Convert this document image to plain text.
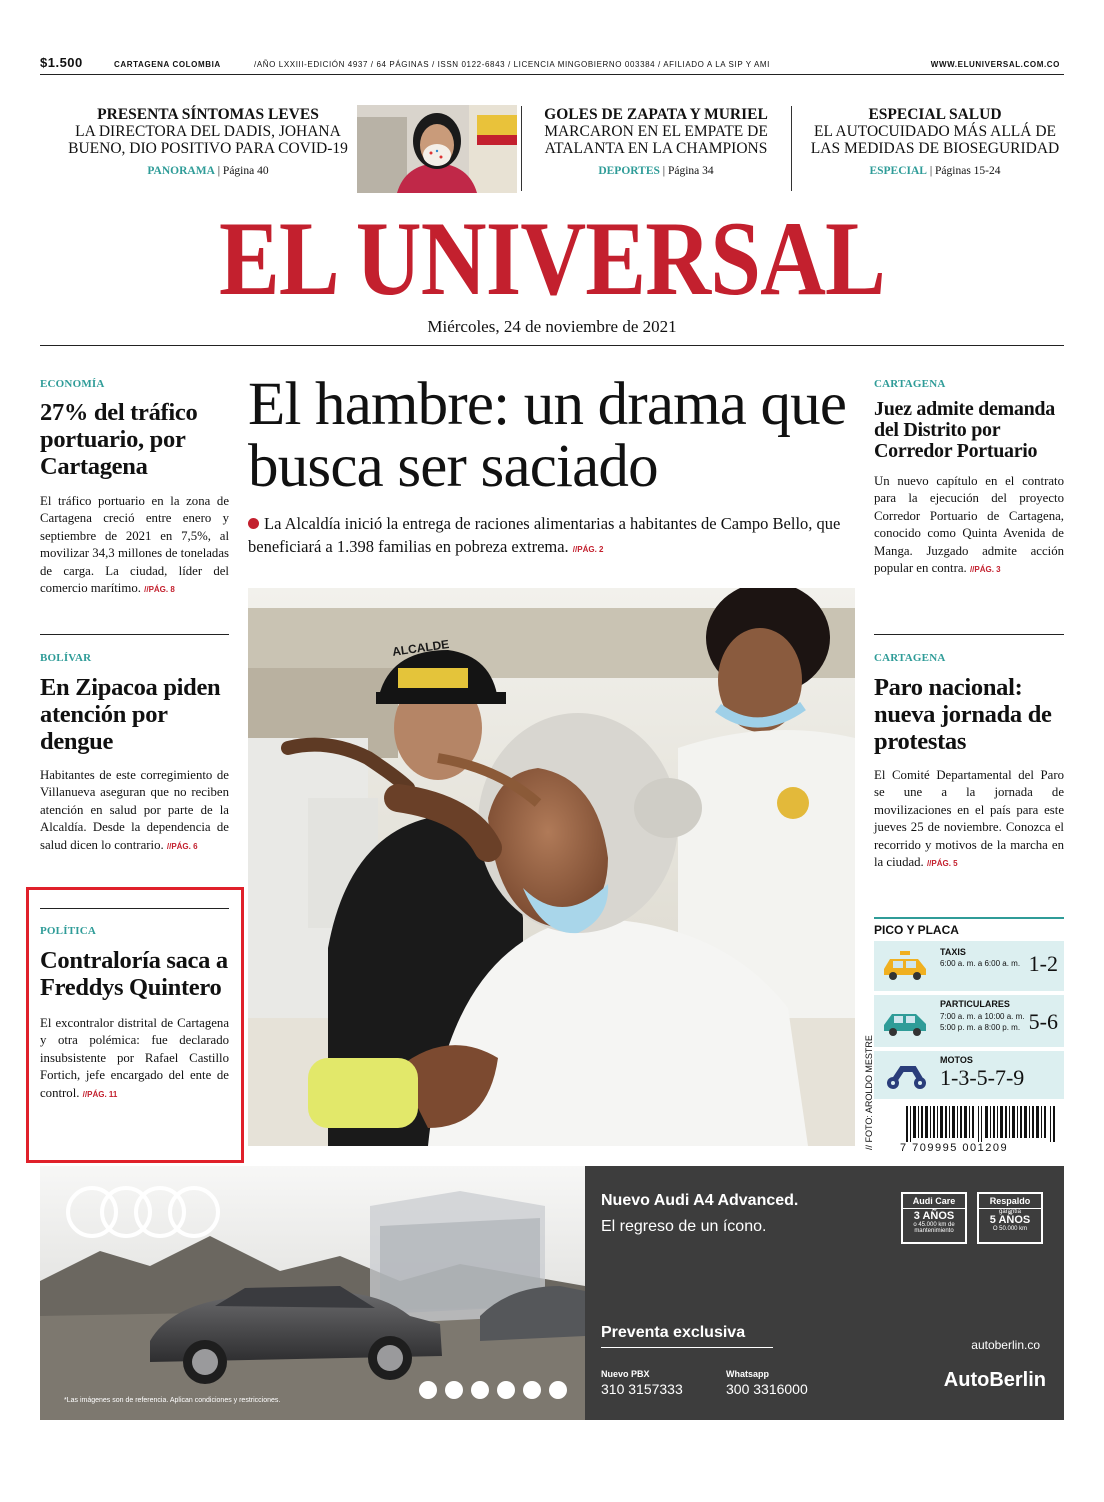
$1.500	CARTAGENA COLOMBIA	/AÑO LXXIII-EDICIÓN 4937 / 64 PÁGINAS / ISSN 0122-6843 / LICENCIA MINGOBIERNO 003384 / AFILIADO A LA SIP Y AMI	WWW.ELUNIVERSAL.COM.CO
PRESENTA SÍNTOMAS LEVES
LA DIRECTORA DEL DADIS, JOHANA BUENO, DIO POSITIVO PARA COVID-19
PANORAMA | Página 40
GOLES DE ZAPATA Y MURIEL
MARCARON EN EL EMPATE DE ATALANTA EN LA CHAMPIONS
DEPORTES | Página 34
ESPECIAL SALUD
EL AUTOCUIDADO MÁS ALLÁ DE LAS MEDIDAS DE BIOSEGURIDAD
ESPECIAL | Páginas 15-24
EL UNIVERSAL
Miércoles, 24 de noviembre de 2021
ECONOMÍA
27% del tráfico portuario, por Cartagena
El tráfico portuario en la zona de Cartagena creció entre enero y septiembre de 2021 en 7,5%, al movilizar 34,3 millones de toneladas de carga. La ciudad, líder del comercio marítimo. //PÁG. 8
BOLÍVAR
En Zipacoa piden atención por dengue
Habitantes de este corregimiento de Villanueva aseguran que no reciben atención en salud por parte de la Alcaldía. Desde la dependencia de salud dicen lo contrario. //PÁG. 6
POLÍTICA
Contraloría saca a Freddys Quintero
El excontralor distrital de Cartagena y otra polémica: fue declarado insubsistente por Rafael Castillo Fortich, jefe encargado del ente de control. //PÁG. 11
El hambre: un drama que busca ser saciado
La Alcaldía inició la entrega de raciones alimentarias a habitantes de Campo Bello, que beneficiará a 1.398 familias en pobreza extrema. //PÁG. 2
// FOTO: AROLDO MESTRE
ALCALDE
CARTAGENA
Juez admite demanda del Distrito por Corredor Portuario
Un nuevo capítulo en el contrato para la ejecución del proyecto Corredor Portuario de Cartagena, conocido como Quinta Avenida de Manga. Juzgado admite acción popular en contra. //PÁG. 3
CARTAGENA
Paro nacional: nueva jornada de protestas
El Comité Departamental del Paro se une a la jornada de movilizaciones en el país para este jueves 25 de noviembre. Conozca el recorrido y motivos de la marcha en la ciudad. //PÁG. 5
PICO Y PLACA
TAXIS
6:00 a. m. a 6:00 a. m. 1-2
PARTICULARES
7:00 a. m. a 10:00 a. m.
5:00 p. m. a 8:00 p. m. 5-6
MOTOS
1-3-5-7-9
7 709995 001209
*Las imágenes son de referencia. Aplican condiciones y restricciones.
Nuevo Audi A4 Advanced.
El regreso de un ícono.
Audi Care
3 AÑOS
o 45.000 km de mantenimiento
Respaldo
garantía
5 AÑOS
O 50.000 km
Preventa exclusiva
Nuevo PBX
310 3157333
Whatsapp
300 3316000
autoberlin.co
AutoBerlin
